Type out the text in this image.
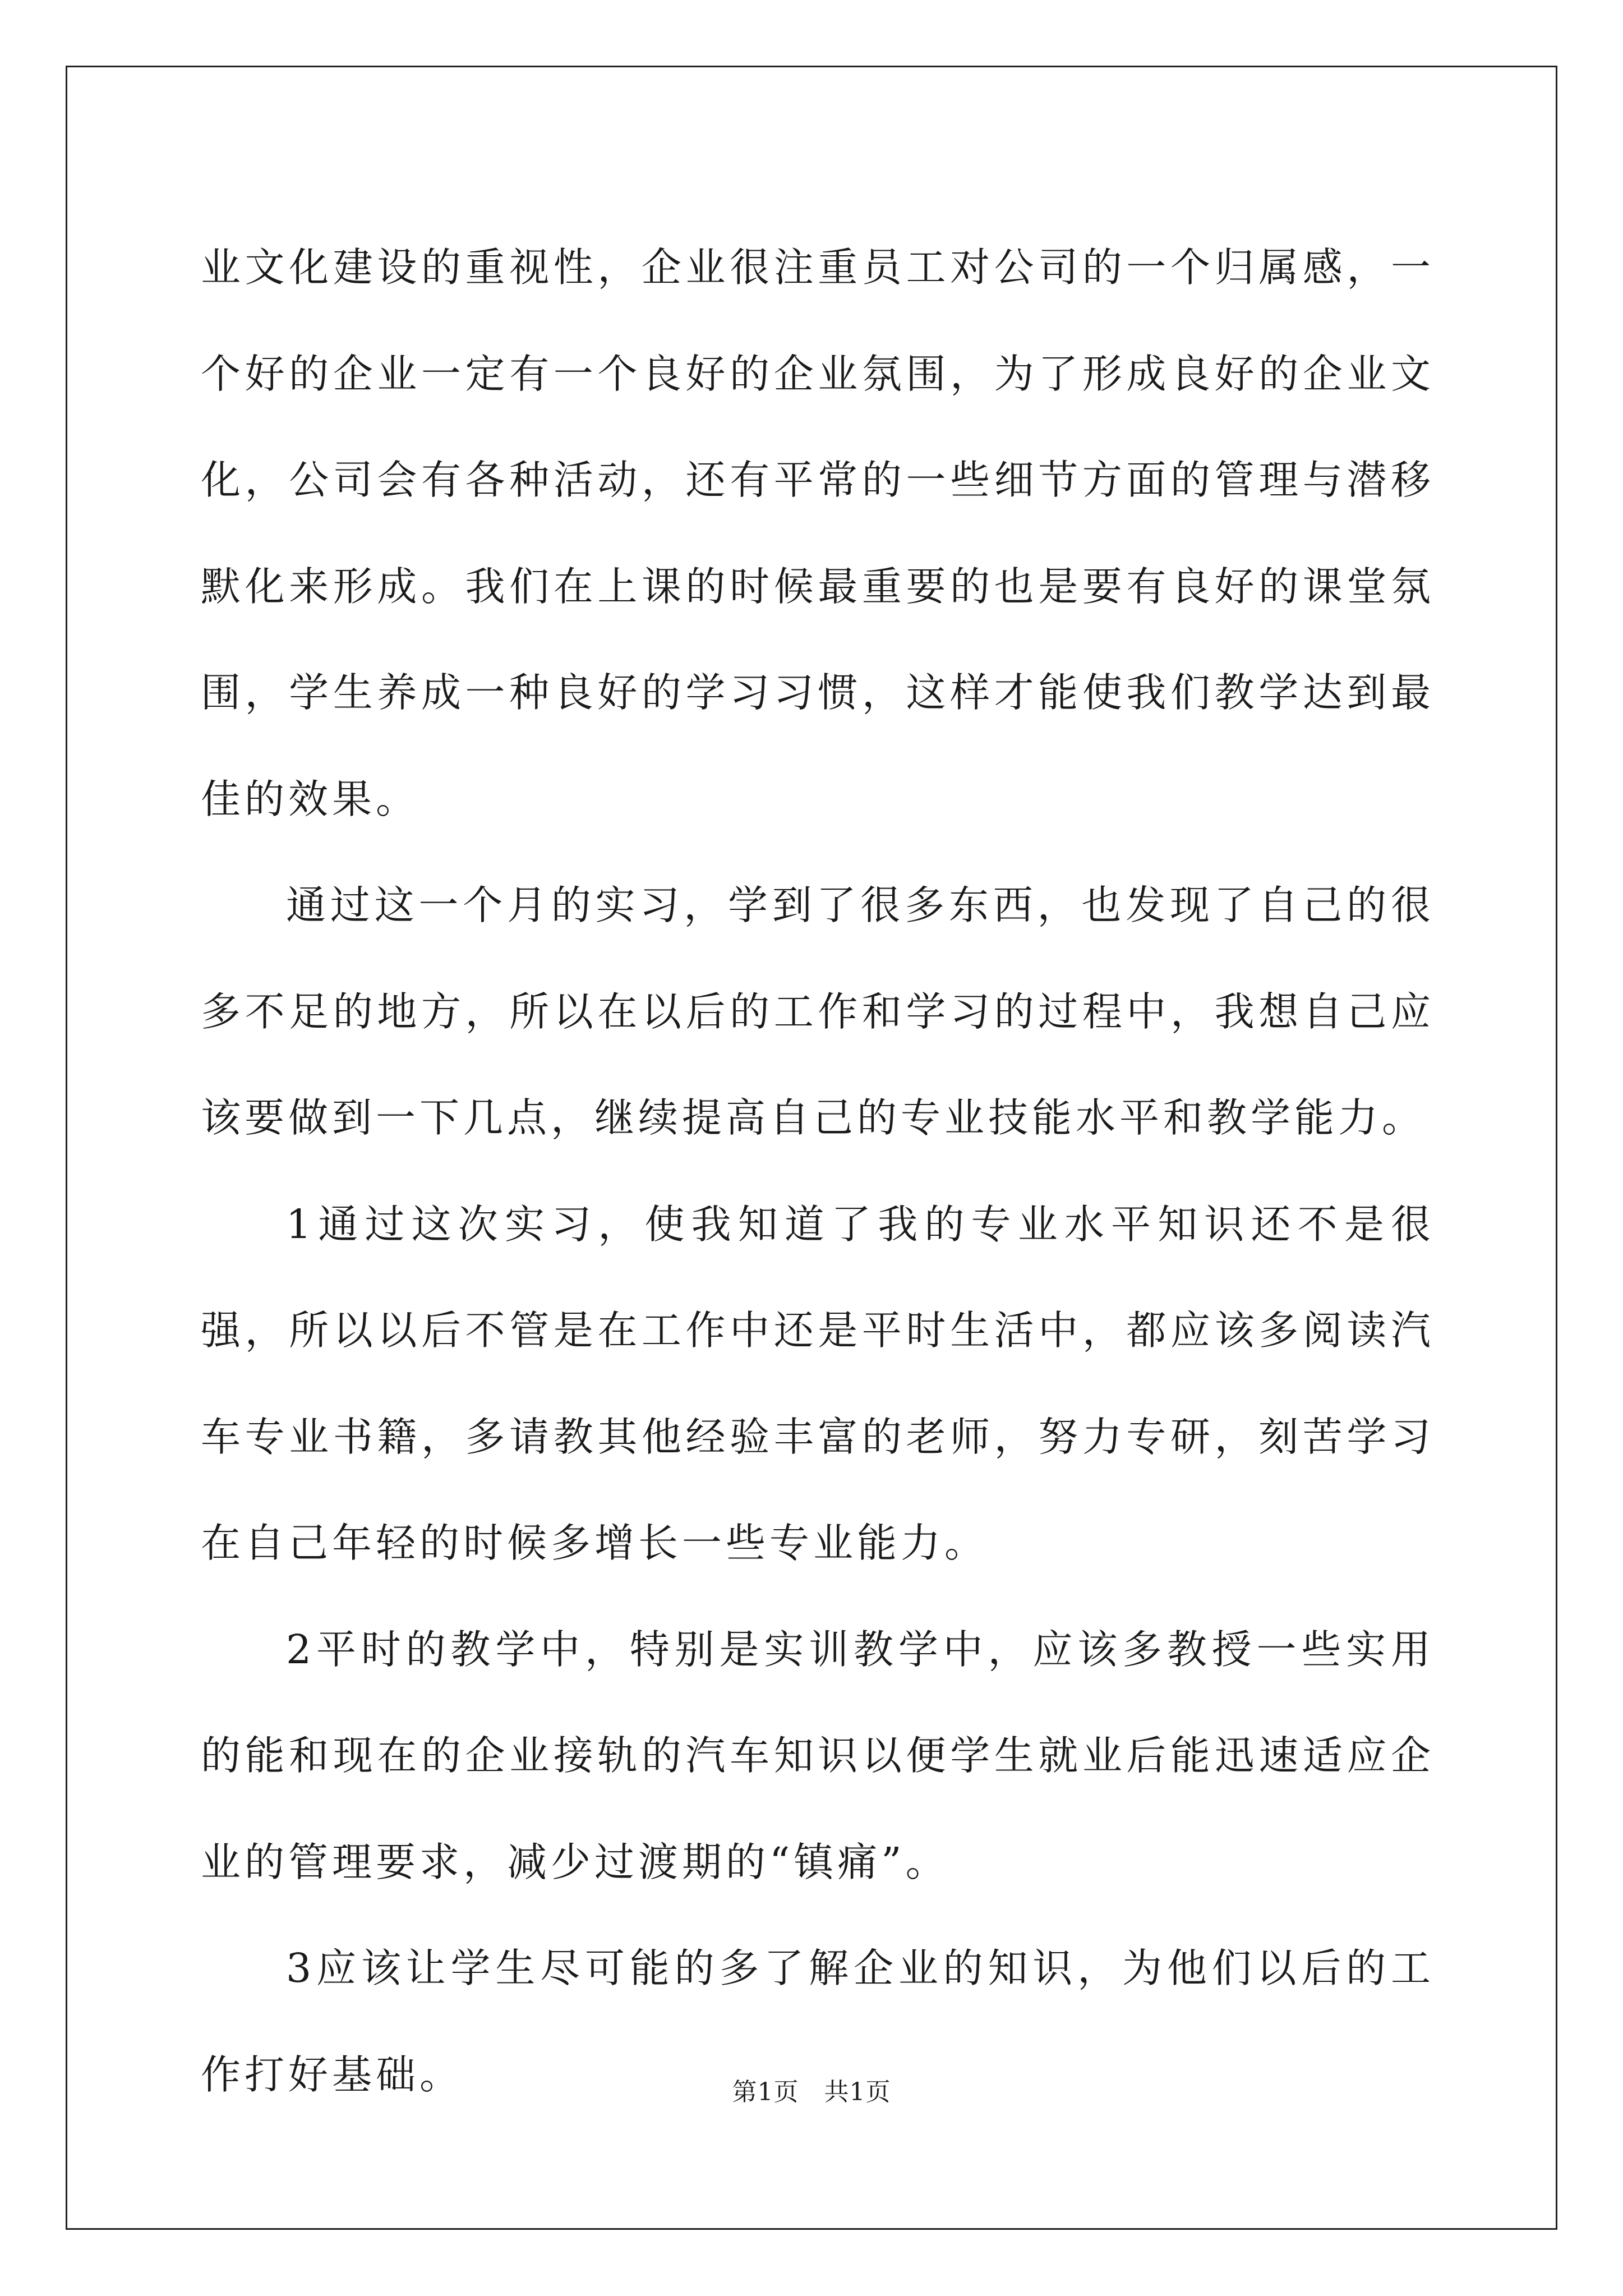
业文化建设的重视性，企业很注重员工对公司的一个归属感，一个好的企业一定有一个良好的企业氛围，为了形成良好的企业文化，公司会有各种活动，还有平常的一些细节方面的管理与潜移默化来形成。我们在上课的时候最重要的也是要有良好的课堂氛围，学生养成一种良好的学习习惯，这样才能使我们教学达到最佳的效果。

通过这一个月的实习，学到了很多东西，也发现了自己的很多不足的地方，所以在以后的工作和学习的过程中，我想自己应该要做到一下几点，继续提高自己的专业技能水平和教学能力。

1通过这次实习，使我知道了我的专业水平知识还不是很强，所以以后不管是在工作中还是平时生活中，都应该多阅读汽车专业书籍，多请教其他经验丰富的老师，努力专研，刻苦学习在自己年轻的时候多增长一些专业能力。

2平时的教学中，特别是实训教学中，应该多教授一些实用的能和现在的企业接轨的汽车知识以便学生就业后能迅速适应企业的管理要求，减少过渡期的“镇痛”。

3应该让学生尽可能的多了解企业的知识，为他们以后的工作打好基础。	第1页　共1页
